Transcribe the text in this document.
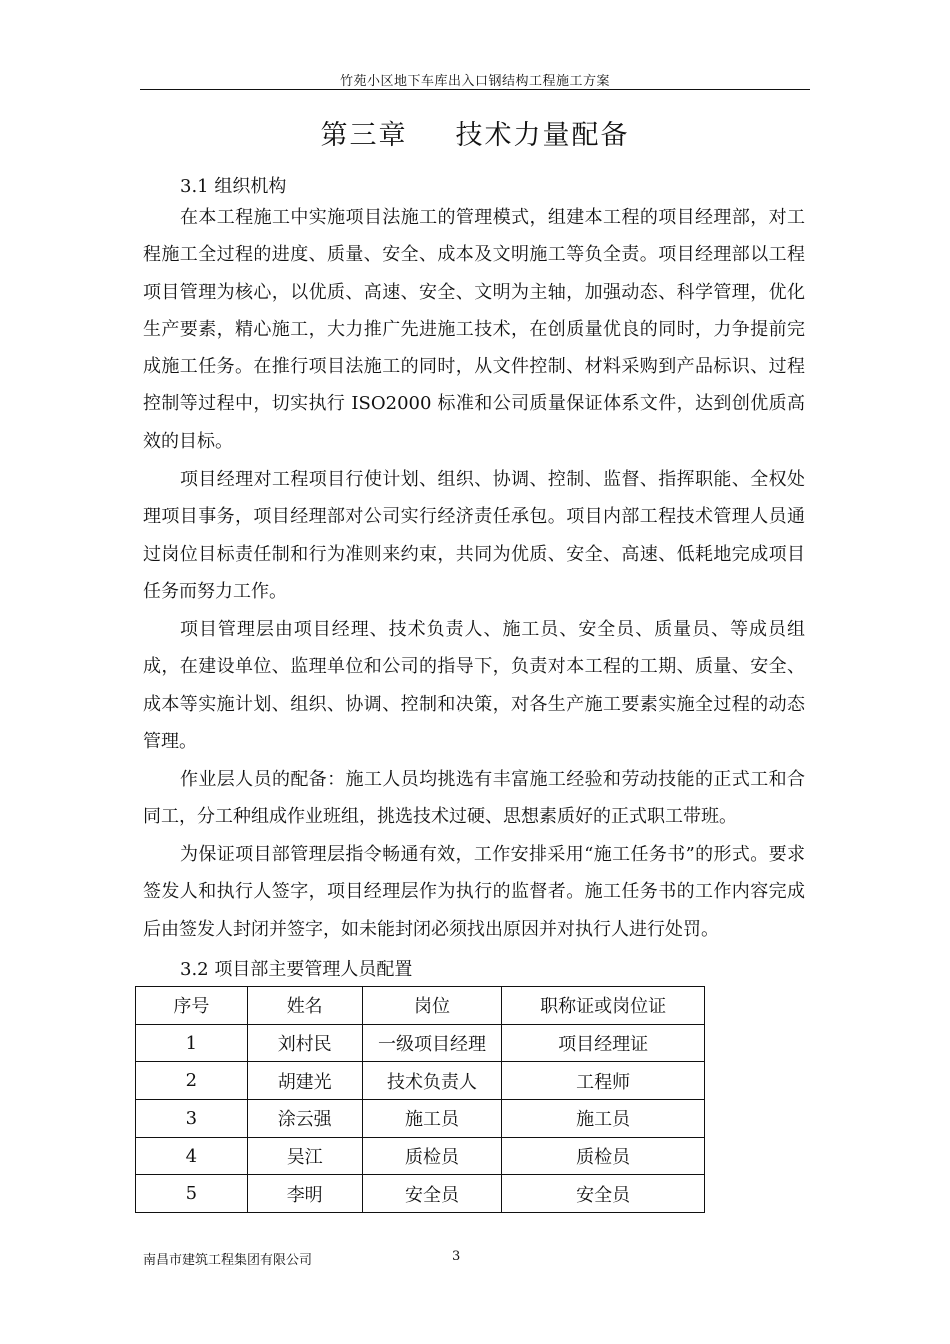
竹苑小区地下车库出入口钢结构工程施工方案
第三章 技术力量配备
3.1 组织机构

在本工程施工中实施项目法施工的管理模式，组建本工程的项目经理部，对工程施工全过程的进度、质量、安全、成本及文明施工等负全责。项目经理部以工程项目管理为核心，以优质、高速、安全、文明为主轴，加强动态、科学管理，优化生产要素，精心施工，大力推广先进施工技术，在创质量优良的同时，力争提前完成施工任务。在推行项目法施工的同时，从文件控制、材料采购到产品标识、过程控制等过程中，切实执行 ISO2000 标准和公司质量保证体系文件，达到创优质高效的目标。

项目经理对工程项目行使计划、组织、协调、控制、监督、指挥职能、全权处理项目事务，项目经理部对公司实行经济责任承包。项目内部工程技术管理人员通过岗位目标责任制和行为准则来约束，共同为优质、安全、高速、低耗地完成项目任务而努力工作。

项目管理层由项目经理、技术负责人、施工员、安全员、质量员、等成员组成，在建设单位、监理单位和公司的指导下，负责对本工程的工期、质量、安全、成本等实施计划、组织、协调、控制和决策，对各生产施工要素实施全过程的动态管理。

作业层人员的配备：施工人员均挑选有丰富施工经验和劳动技能的正式工和合同工，分工种组成作业班组，挑选技术过硬、思想素质好的正式职工带班。

为保证项目部管理层指令畅通有效，工作安排采用“施工任务书”的形式。要求签发人和执行人签字，项目经理层作为执行的监督者。施工任务书的工作内容完成后由签发人封闭并签字，如未能封闭必须找出原因并对执行人进行处罚。

3.2 项目部主要管理人员配置
序号	姓名	岗位	职称证或岗位证
1	刘村民	一级项目经理	项目经理证
2	胡建光	技术负责人	工程师
3	涂云强	施工员	施工员
4	吴江	质检员	质检员
5	李明	安全员	安全员
南昌市建筑工程集团有限公司	3
